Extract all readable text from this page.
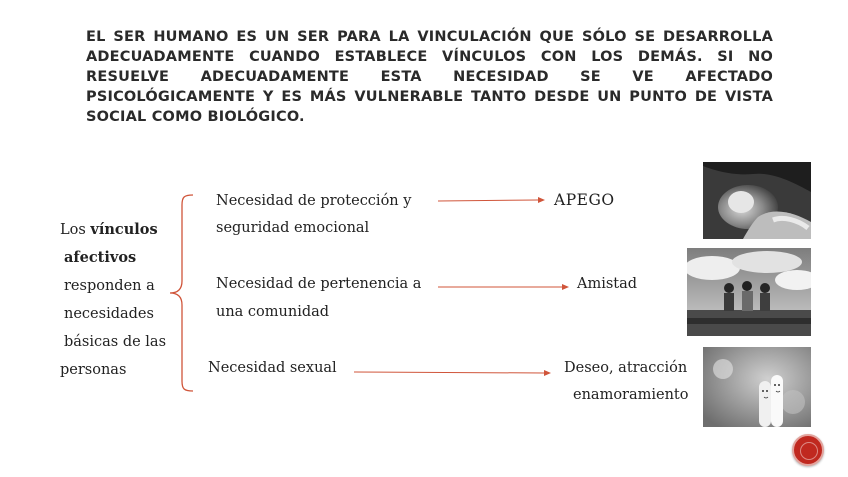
EL SER HUMANO ES UN SER PARA LA VINCULACIÓN QUE SÓLO SE DESARROLLA ADECUADAMENTE CUANDO ESTABLECE VÍNCULOS CON LOS DEMÁS. SI NO RESUELVE ADECUADAMENTE ESTA NECESIDAD SE VE AFECTADO PSICOLÓGICAMENTE Y ES MÁS VULNERABLE TANTO DESDE UN PUNTO DE VISTA SOCIAL COMO BIOLÓGICO.
Los vínculos
afectivos
responden a
necesidades
básicas de las
personas
Necesidad de protección y
seguridad emocional
APEGO
Necesidad de pertenencia a
una comunidad
Amistad
Necesidad sexual	Deseo, atracción
enamoramiento
